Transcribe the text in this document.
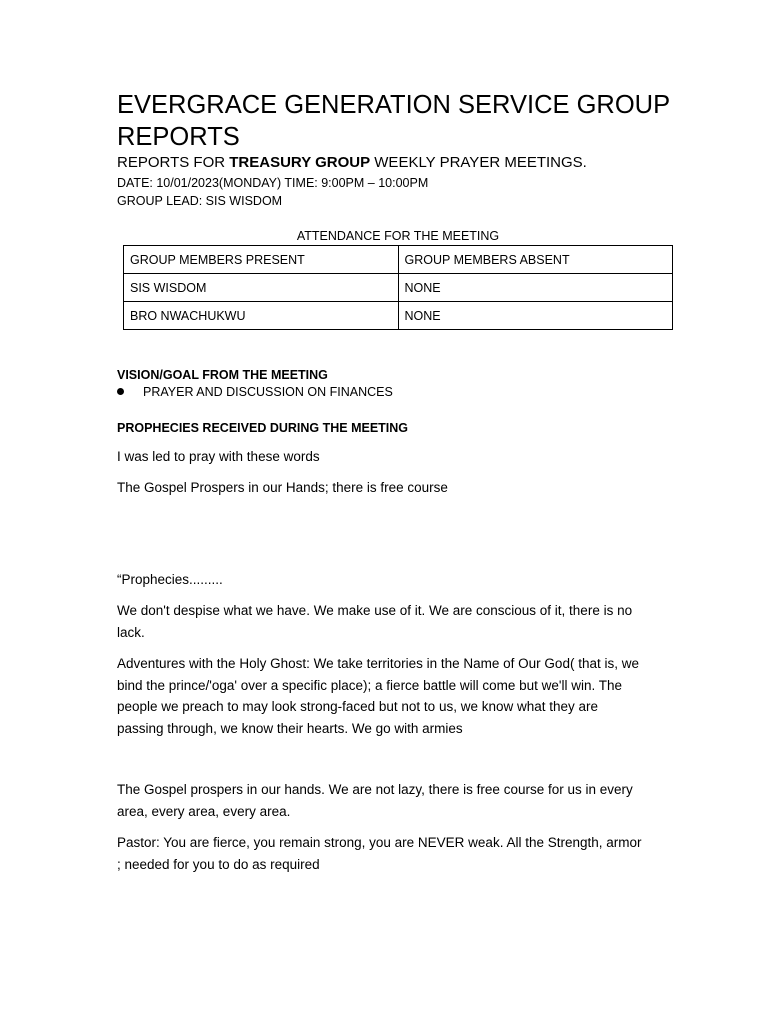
EVERGRACE GENERATION SERVICE GROUP REPORTS
REPORTS FOR TREASURY GROUP WEEKLY PRAYER MEETINGS.
DATE: 10/01/2023(MONDAY) TIME: 9:00PM – 10:00PM
GROUP LEAD: SIS WISDOM
ATTENDANCE FOR THE MEETING
GROUP MEMBERS PRESENT	GROUP MEMBERS ABSENT
SIS WISDOM	NONE
BRO NWACHUKWU	NONE
VISION/GOAL FROM THE MEETING
PRAYER AND DISCUSSION ON FINANCES
PROPHECIES RECEIVED DURING THE MEETING
I was led to pray with these words
The Gospel Prospers in our Hands; there is free course
“Prophecies.........
We don't despise what we have. We make use of it. We are conscious of it, there is no lack.
Adventures with the Holy Ghost: We take territories in the Name of Our God( that is, we bind the prince/'oga' over a specific place); a fierce battle will come but we'll win. The people we preach to may look strong-faced but not to us, we know what they are passing through, we know their hearts. We go with armies
The Gospel prospers in our hands. We are not lazy, there is free course for us in every area, every area, every area.
Pastor: You are fierce, you remain strong, you are NEVER weak. All the Strength, armor ; needed for you to do as required
